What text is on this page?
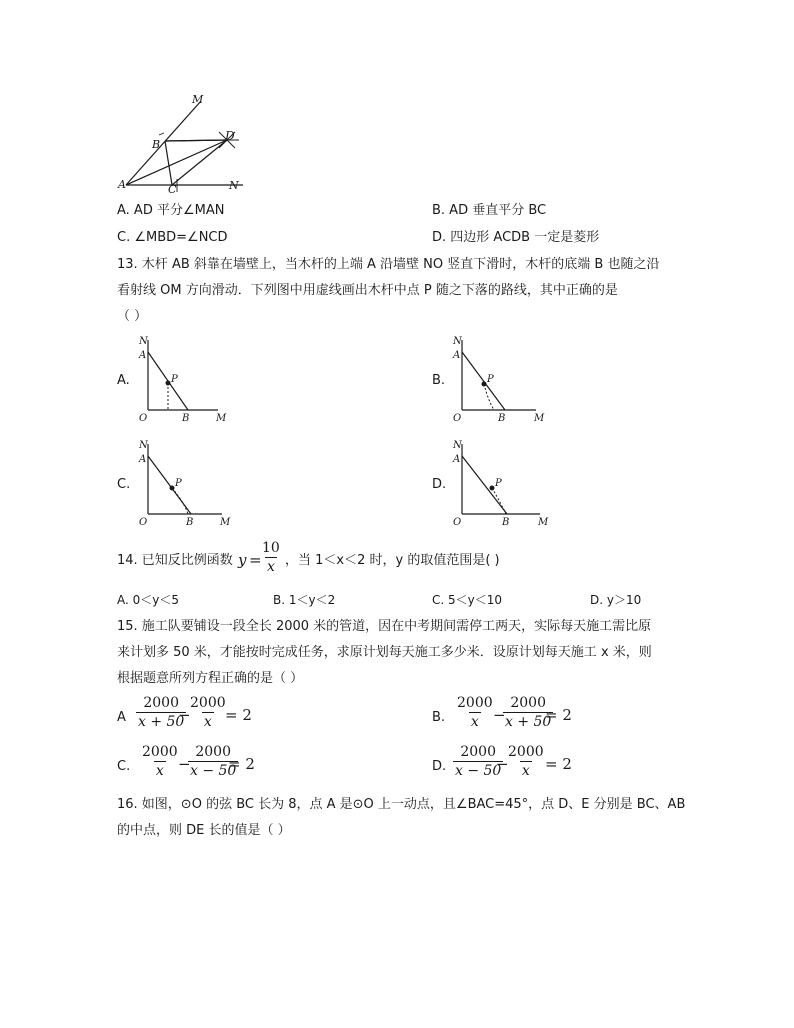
M
B
D
A	C	N
A. AD 平分∠MAN	B. AD 垂直平分 BC
C. ∠MBD=∠NCD	D. 四边形 ACDB 一定是菱形
13. 木杆 AB 斜靠在墙壁上，当木杆的上端 A 沿墙壁 NO 竖直下滑时，木杆的底端 B 也随之沿
看射线 OM 方向滑动．下列图中用虚线画出木杆中点 P 随之下落的路线，其中正确的是
（ ）
A.
N
A
P
O	B	M
B.
N
A
P
O	B	M
C.
N
A
P
O	B	M
D.
N
A
P
O	B	M
14. 已知反比例函数 y =
$\frac{10}{x}$ ，当 1＜x＜2 时，y 的取值范围是( )
A. 0＜y＜5	B. 1＜y＜2	C. 5＜y＜10	D. y＞10
15. 施工队要铺设一段全长 2000 米的管道，因在中考期间需停工两天，实际每天施工需比原
来计划多 50 米，才能按时完成任务，求原计划每天施工多少米．设原计划每天施工 x 米，则
根据题意所列方程正确的是（ ）
A $\frac{2000}{x + 50}$
−
$\frac{2000}{x}$
= 2	B. $\frac{2000}{x}$
−
$\frac{2000}{x + 50}$
= 2
C. $\frac{2000}{x}$
−
$\frac{2000}{x - 50}$
= 2	D. $\frac{2000}{x - 50}$
−
$\frac{2000}{x} = 2$
16. 如图，⊙O 的弦 BC 长为 8，点 A 是⊙O 上一动点，且∠BAC=45°，点 D、E 分别是 BC、AB
的中点，则 DE 长的值是（ ）
